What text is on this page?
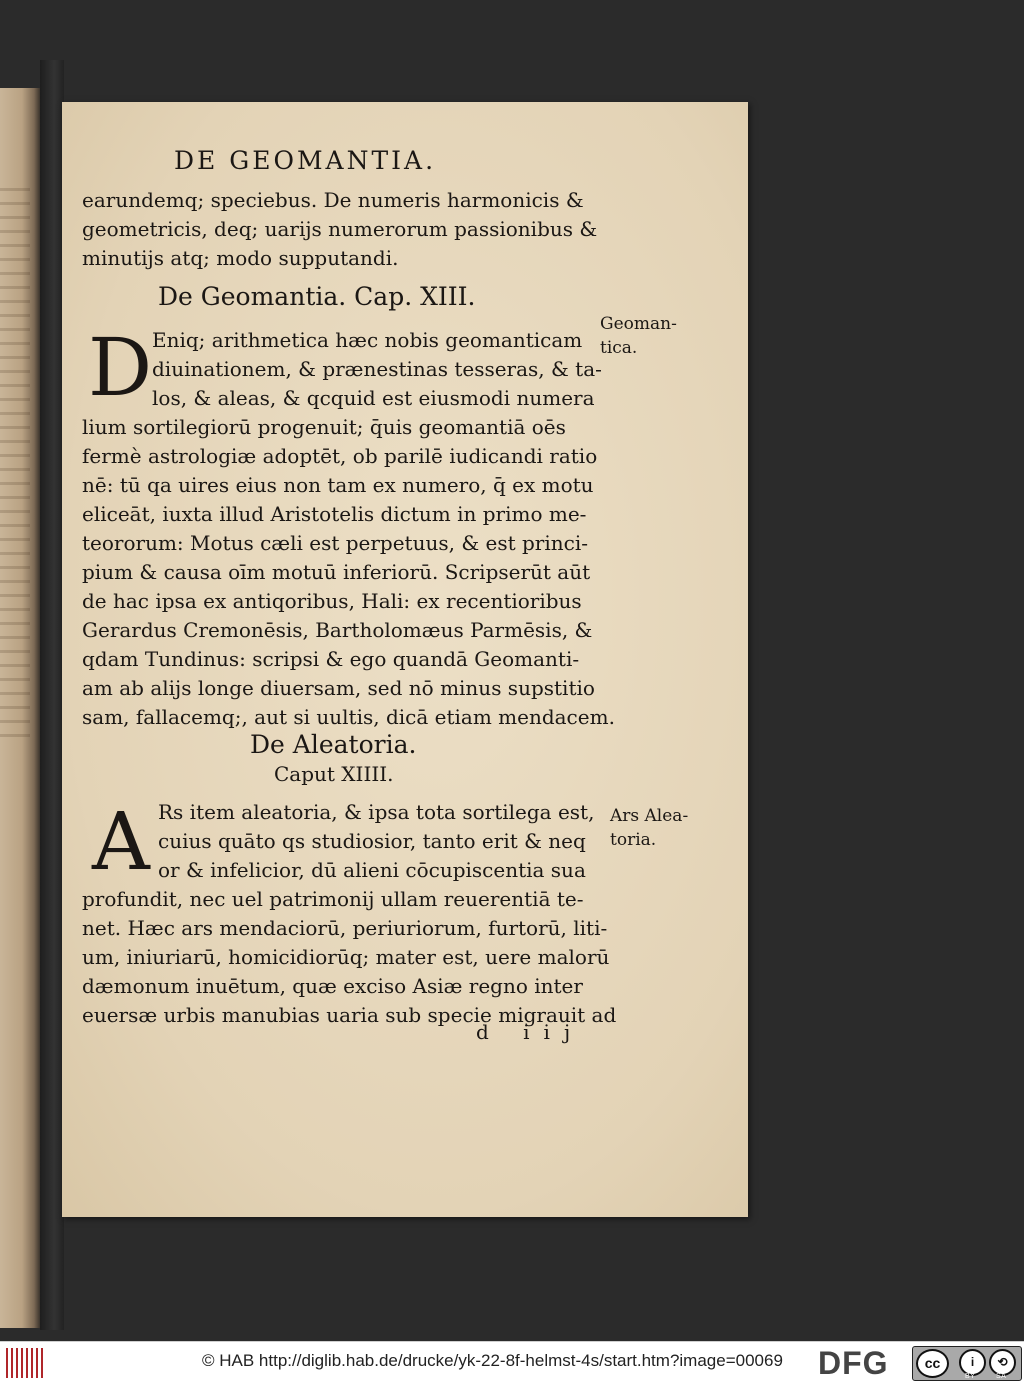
DE GEOMANTIA.
earundemq; speciebus. De numeris harmonicis &
geometricis, deq; uarijs numerorum passionibus &
minutijs atq; modo supputandi.
De Geomantia. Cap. XIII.
D Eniq; arithmetica hæc nobis geomanticam
diuinationem, & prænestinas tesseras, & ta-
los, & aleas, & qcquid est eiusmodi numera
lium sortilegiorū progenuit; q̄uis geomantiā oēs
fermè astrologiæ adoptēt, ob parilē iudicandi ratio
nē: tū qa uires eius non tam ex numero, q̄ ex motu
eliceāt, iuxta illud Aristotelis dictum in primo me-
teororum: Motus cæli est perpetuus, & est princi-
pium & causa oīm motuū inferiorū. Scripserūt aūt
de hac ipsa ex antiqoribus, Hali: ex recentioribus
Gerardus Cremonēsis, Bartholomæus Parmēsis, &
qdam Tundinus: scripsi & ego quandā Geomanti-
am ab alijs longe diuersam, sed nō minus supstitio
sam, fallacemq;, aut si uultis, dicā etiam mendacem.
Geoman-
tica.
De Aleatoria.
Caput XIIII.
A Rs item aleatoria, & ipsa tota sortilega est,
cuius quāto qs studiosior, tanto erit & neq
or & infelicior, dū alieni cōcupiscentia sua
profundit, nec uel patrimonij ullam reuerentiā te-
net. Hæc ars mendaciorū, periuriorum, furtorū, liti-
um, iniuriarū, homicidiorūq; mater est, uere malorū
dæmonum inuētum, quæ exciso Asiæ regno inter
euersæ urbis manubias uaria sub specie migrauit ad
Ars Alea-
toria.
d iij
© HAB http://diglib.hab.de/drucke/yk-22-8f-helmst-4s/start.htm?image=00069 DFG	cc	i	⟲
BY	SA
